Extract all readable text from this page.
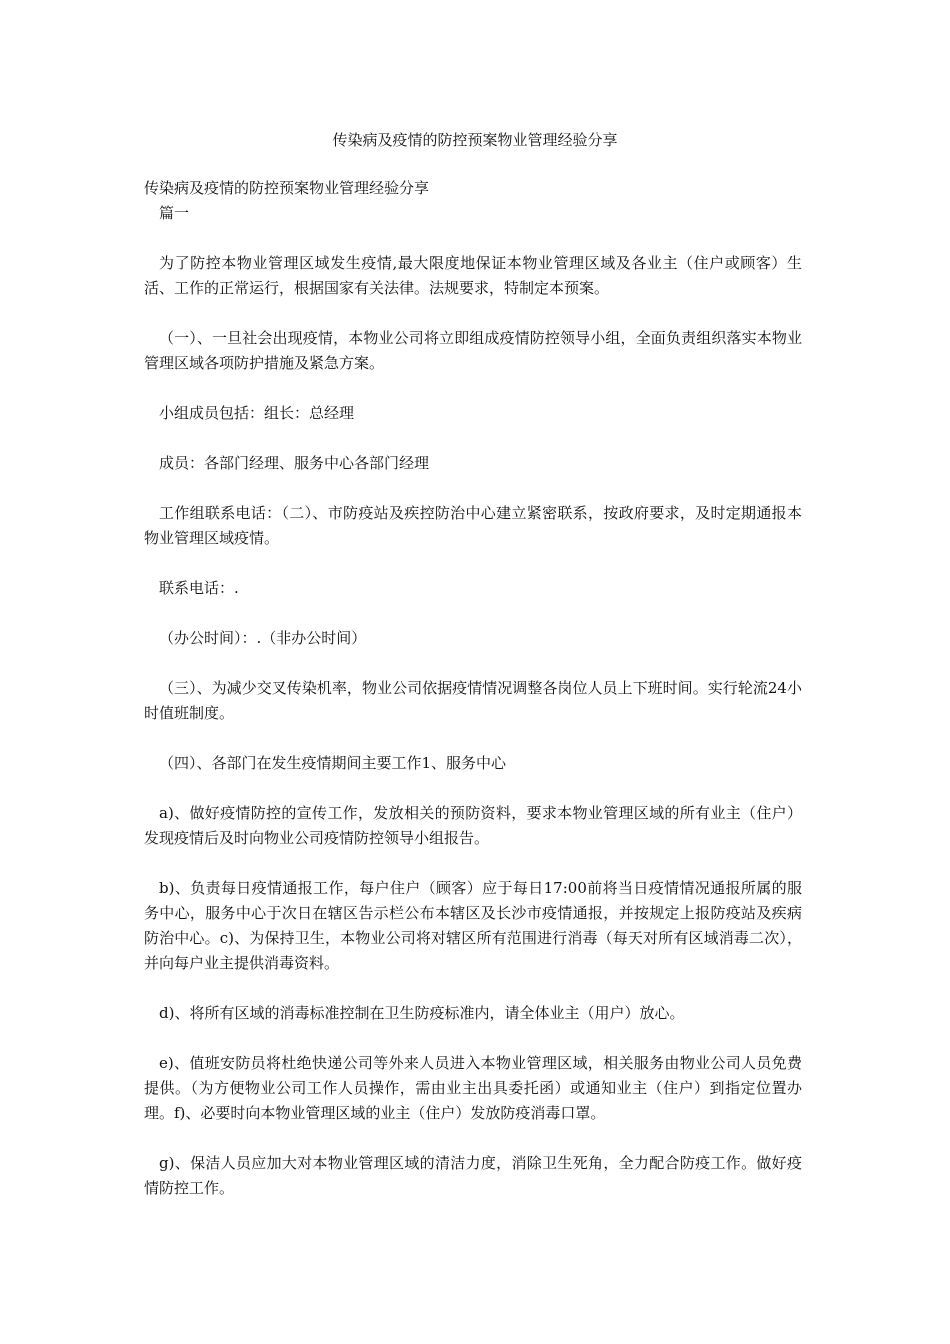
传染病及疫情的防控预案物业管理经验分享

传染病及疫情的防控预案物业管理经验分享

篇一

为了防控本物业管理区域发生疫情,最大限度地保证本物业管理区域及各业主（住户或顾客）生活、工作的正常运行，根据国家有关法律。法规要求，特制定本预案。

（一）、一旦社会出现疫情，本物业公司将立即组成疫情防控领导小组，全面负责组织落实本物业管理区域各项防护措施及紧急方案。

小组成员包括：组长：总经理

成员：各部门经理、服务中心各部门经理

工作组联系电话：（二）、市防疫站及疾控防治中心建立紧密联系，按政府要求，及时定期通报本物业管理区域疫情。

联系电话：.

（办公时间）：.（非办公时间）

（三）、为减少交叉传染机率，物业公司依据疫情情况调整各岗位人员上下班时间。实行轮流24小时值班制度。

（四）、各部门在发生疫情期间主要工作1、服务中心

a)、做好疫情防控的宣传工作，发放相关的预防资料，要求本物业管理区域的所有业主（住户）发现疫情后及时向物业公司疫情防控领导小组报告。

b)、负责每日疫情通报工作，每户住户（顾客）应于每日17:00前将当日疫情情况通报所属的服务中心，服务中心于次日在辖区告示栏公布本辖区及长沙市疫情通报，并按规定上报防疫站及疾病防治中心。c)、为保持卫生，本物业公司将对辖区所有范围进行消毒（每天对所有区域消毒二次），并向每户业主提供消毒资料。

d)、将所有区域的消毒标准控制在卫生防疫标准内，请全体业主（用户）放心。

e)、值班安防员将杜绝快递公司等外来人员进入本物业管理区域，相关服务由物业公司人员免费提供。（为方便物业公司工作人员操作，需由业主出具委托函）或通知业主（住户）到指定位置办理。f)、必要时向本物业管理区域的业主（住户）发放防疫消毒口罩。

g)、保洁人员应加大对本物业管理区域的清洁力度，消除卫生死角，全力配合防疫工作。做好疫情防控工作。
